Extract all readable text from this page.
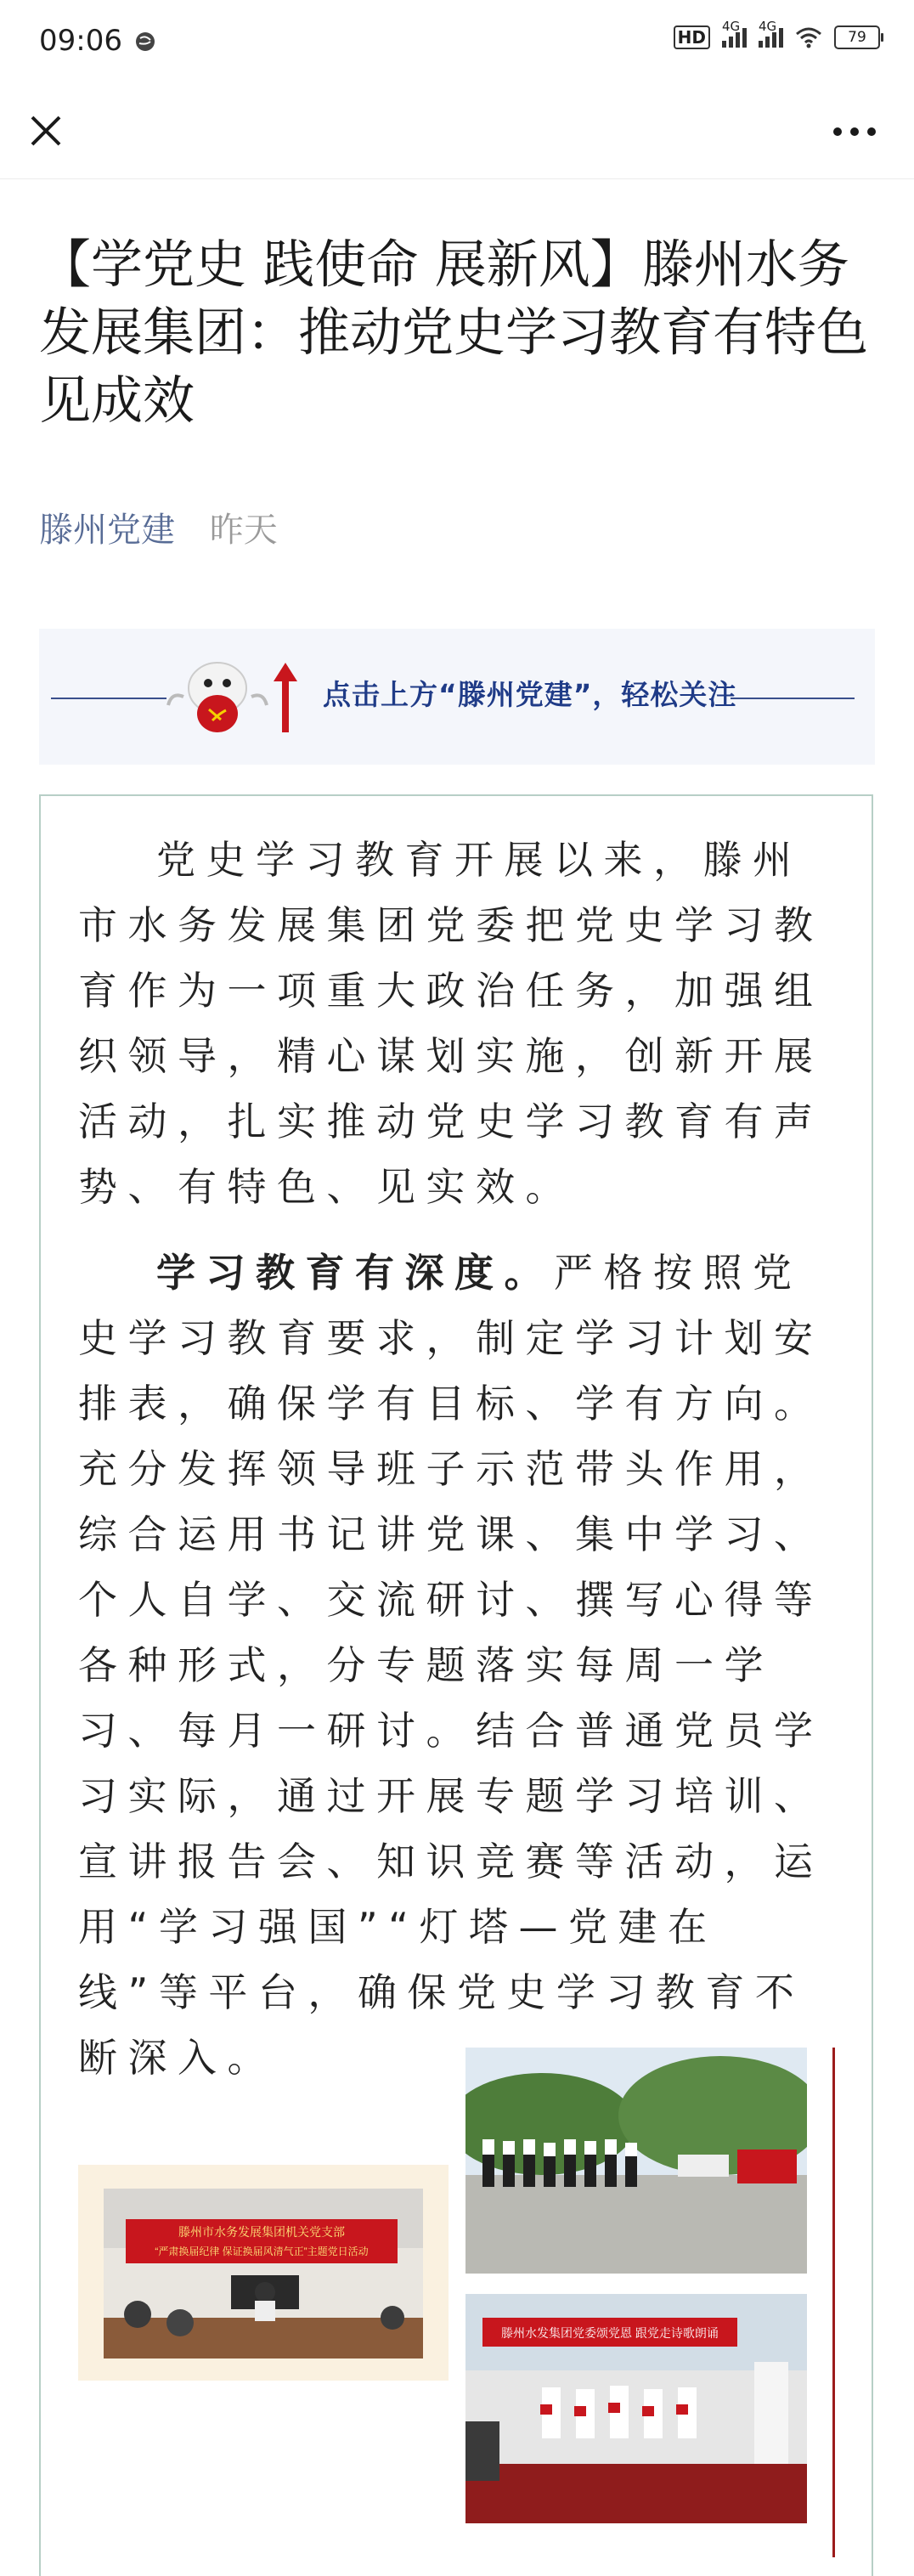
09:06	HD
4G 4G
79
【学党史 践使命 展新风】滕州水务发展集团：推动党史学习教育有特色见成效
滕州党建 昨天
点击上方“滕州党建”，轻松关注

党史学习教育开展以来，滕州市水务发展集团党委把党史学习教育作为一项重大政治任务，加强组织领导，精心谋划实施，创新开展活动，扎实推动党史学习教育有声势、有特色、见实效。

学习教育有深度。严格按照党史学习教育要求，制定学习计划安排表，确保学有目标、学有方向。充分发挥领导班子示范带头作用，综合运用书记讲党课、集中学习、个人自学、交流研讨、撰写心得等各种形式，分专题落实每周一学习、每月一研讨。结合普通党员学习实际，通过开展专题学习培训、宣讲报告会、知识竞赛等活动，运用“学习强国”“灯塔—党建在线”等平台，确保党史学习教育不断深入。

滕州市水务发展集团机关党支部
“严肃换届纪律 保证换届风清气正”主题党日活动
滕州水发集团党委颂党恩 跟党走诗歌朗诵
